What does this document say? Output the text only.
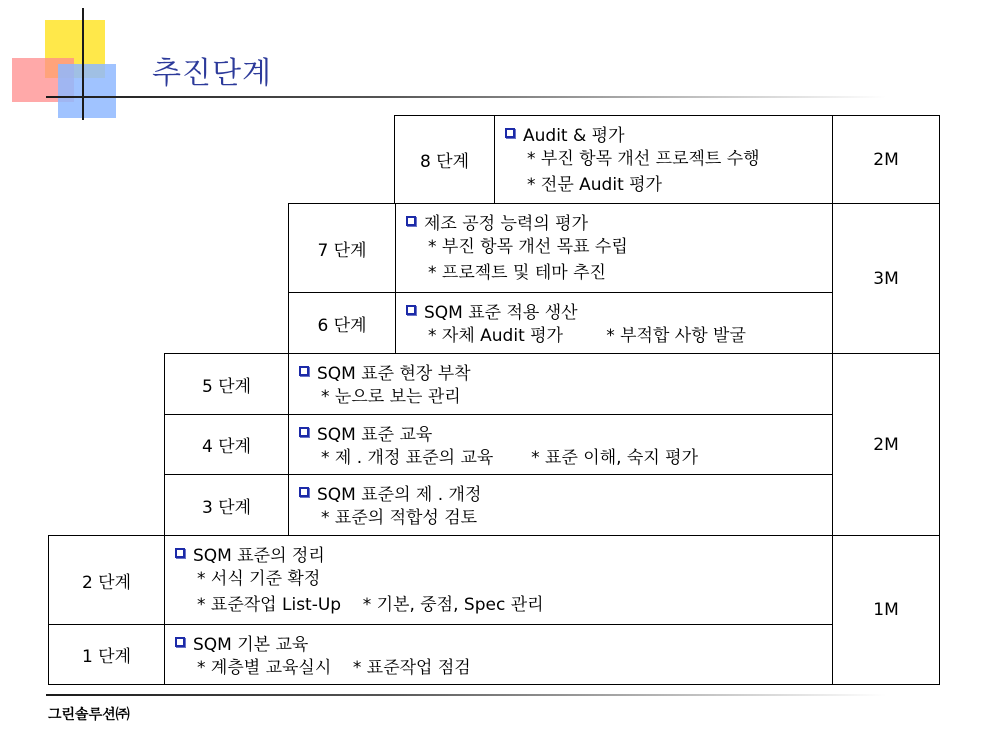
추진단계
8 단계
Audit & 평가
* 부진 항목 개선 프로젝트 수행
* 전문 Audit 평가
7 단계
제조 공정 능력의 평가
* 부진 항목 개선 목표 수립
* 프로젝트 및 테마 추진
6 단계
SQM 표준 적용 생산
* 자체 Audit 평가        * 부적합 사항 발굴
5 단계
SQM 표준 현장 부착
* 눈으로 보는 관리
4 단계
SQM 표준 교육
* 제 . 개정 표준의 교육       * 표준 이해, 숙지 평가
3 단계
SQM 표준의 제 . 개정
* 표준의 적합성 검토
2 단계
SQM 표준의 정리
* 서식 기준 확정
* 표준작업 List-Up    * 기본, 중점, Spec 관리
1 단계
SQM 기본 교육
* 계층별 교육실시    * 표준작업 점검
2M
3M
2M
1M
그린솔루션㈜
